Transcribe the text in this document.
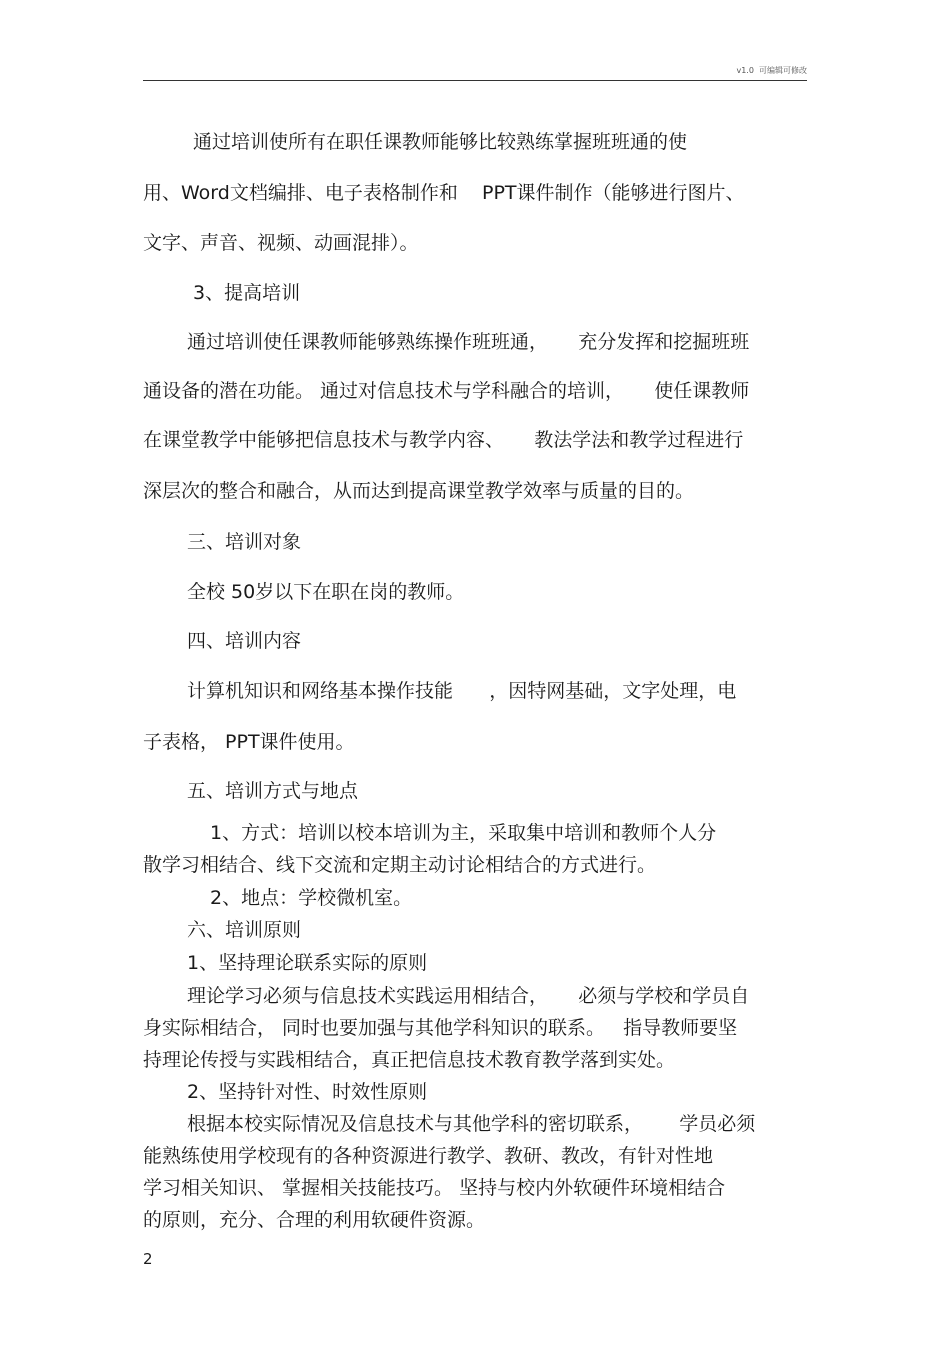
v1.0  可编辑可修改
通过培训使所有在职任课教师能够比较熟练掌握班班通的使
用、Word文档编排、电子表格制作和    PPT课件制作（能够进行图片、
文字、声音、视频、动画混排）。
3、提高培训
通过培训使任课教师能够熟练操作班班通，     充分发挥和挖掘班班
通设备的潜在功能。 通过对信息技术与学科融合的培训，     使任课教师
在课堂教学中能够把信息技术与教学内容、     教法学法和教学过程进行
深层次的整合和融合，从而达到提高课堂教学效率与质量的目的。
三、培训对象
全校 50岁以下在职在岗的教师。
四、培训内容
计算机知识和网络基本操作技能      ，因特网基础，文字处理，电
子表格， PPT课件使用。
五、培训方式与地点
1、方式：培训以校本培训为主，采取集中培训和教师个人分
散学习相结合、线下交流和定期主动讨论相结合的方式进行。
2、地点：学校微机室。
六、培训原则
1、坚持理论联系实际的原则
理论学习必须与信息技术实践运用相结合，     必须与学校和学员自
身实际相结合， 同时也要加强与其他学科知识的联系。   指导教师要坚
持理论传授与实践相结合，真正把信息技术教育教学落到实处。
2、坚持针对性、时效性原则
根据本校实际情况及信息技术与其他学科的密切联系，      学员必须
能熟练使用学校现有的各种资源进行教学、教研、教改，有针对性地
学习相关知识、 掌握相关技能技巧。 坚持与校内外软硬件环境相结合
的原则，充分、合理的利用软硬件资源。
2
